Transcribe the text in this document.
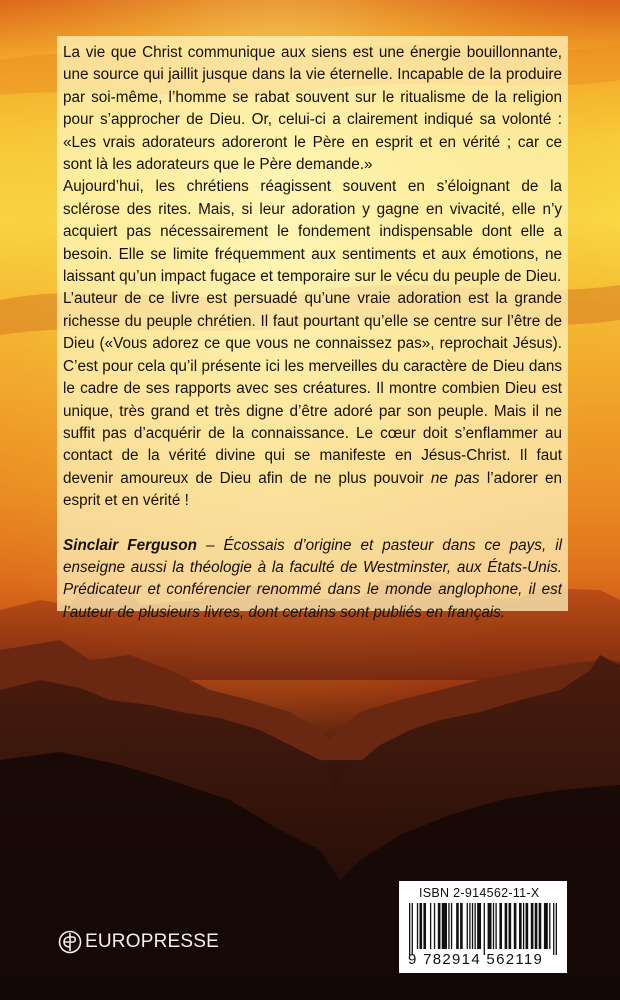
La vie que Christ communique aux siens est une énergie bouillonnante, une source qui jaillit jusque dans la vie éternelle. Incapable de la produire par soi-même, l’homme se rabat souvent sur le ritualisme de la religion pour s’approcher de Dieu. Or, celui-ci a clairement indiqué sa volonté : «Les vrais adorateurs adoreront le Père en esprit et en vérité ; car ce sont là les adorateurs que le Père demande.»

Aujourd’hui, les chrétiens réagissent souvent en s’éloignant de la sclérose des rites. Mais, si leur adoration y gagne en vivacité, elle n’y acquiert pas nécessairement le fondement indispensable dont elle a besoin. Elle se limite fréquemment aux sentiments et aux émotions, ne laissant qu’un impact fugace et temporaire sur le vécu du peuple de Dieu.

L’auteur de ce livre est persuadé qu’une vraie adoration est la grande richesse du peuple chrétien. Il faut pourtant qu’elle se centre sur l’être de Dieu («Vous adorez ce que vous ne connaissez pas», reprochait Jésus). C’est pour cela qu’il présente ici les merveilles du caractère de Dieu dans le cadre de ses rapports avec ses créatures. Il montre combien Dieu est unique, très grand et très digne d’être adoré par son peuple. Mais il ne suffit pas d’acquérir de la connaissance. Le cœur doit s’enflammer au contact de la vérité divine qui se manifeste en Jésus-Christ. Il faut devenir amoureux de Dieu afin de ne plus pouvoir ne pas l’adorer en esprit et en vérité !

Sinclair Ferguson – Écossais d’origine et pasteur dans ce pays, il enseigne aussi la théologie à la faculté de Westminster, aux États-Unis. Prédicateur et conférencier renommé dans le monde anglophone, il est l’auteur de plusieurs livres, dont certains sont publiés en français.

EUROPRESSE
ISBN 2-914562-11-X
9 782914 562119
